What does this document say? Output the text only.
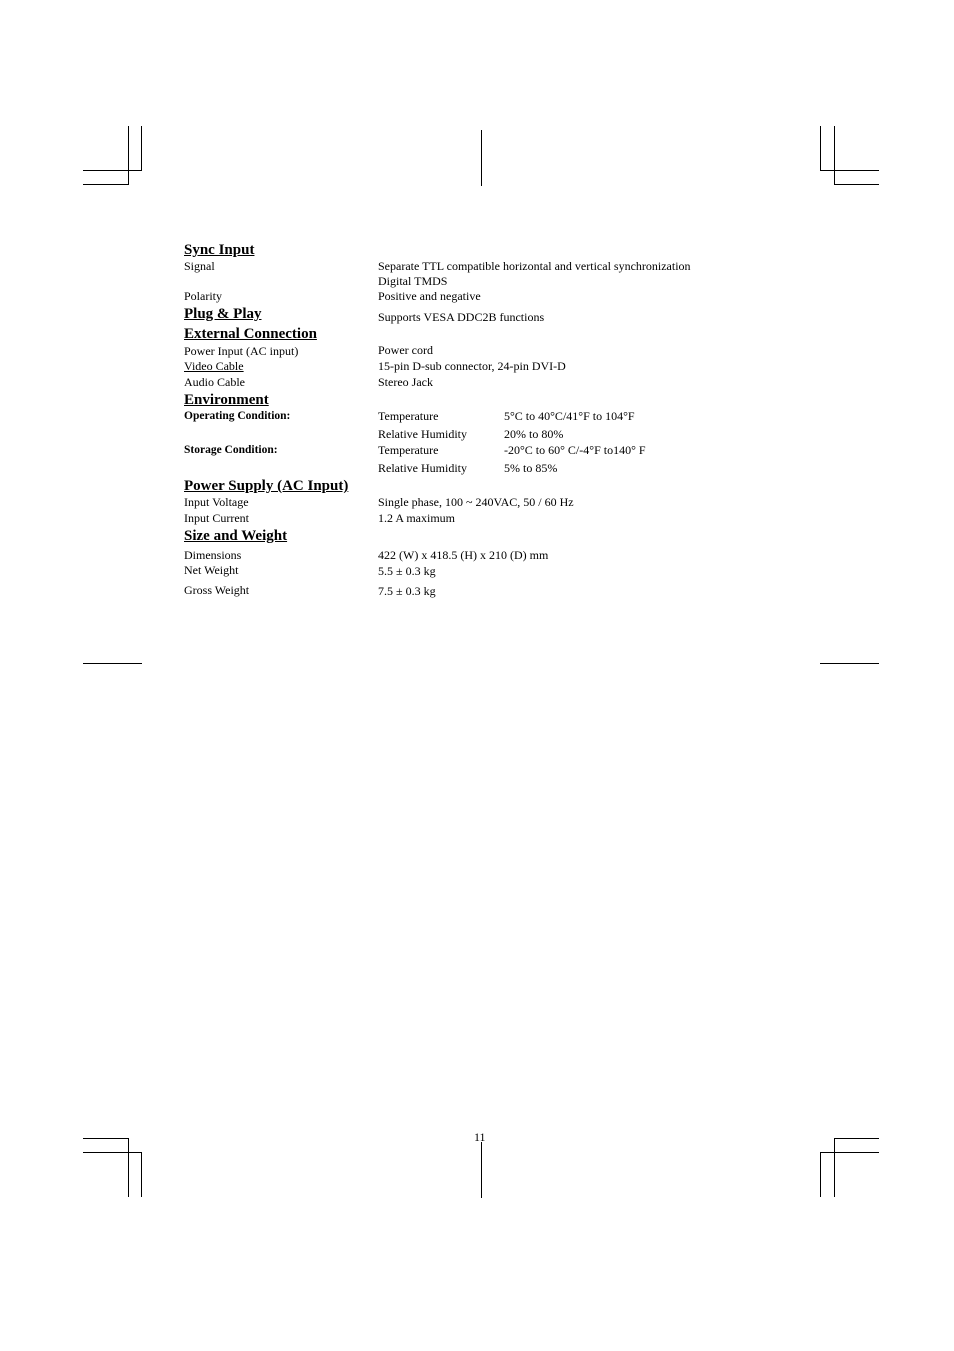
Sync Input
Signal	Separate TTL compatible horizontal and vertical synchronization
Digital TMDS
Polarity	Positive and negative
Plug & Play	Supports VESA DDC2B functions
External Connection
Power Input (AC input)	Power cord
Video Cable	15-pin D-sub connector, 24-pin DVI-D
Audio Cable	Stereo Jack
Environment
Operating Condition:	Temperature	5°C to 40°C/41°F to 104°F
Relative Humidity	20% to 80%
Storage Condition:	Temperature	-20°C to 60° C/-4°F to140° F
Relative Humidity	5% to 85%
Power Supply (AC Input)
Input Voltage	Single phase, 100 ~ 240VAC, 50 / 60 Hz
Input Current	1.2 A maximum
Size and Weight
Dimensions	422 (W) x 418.5 (H) x 210 (D) mm
Net Weight	5.5 ± 0.3 kg
Gross Weight	7.5 ± 0.3 kg
11
